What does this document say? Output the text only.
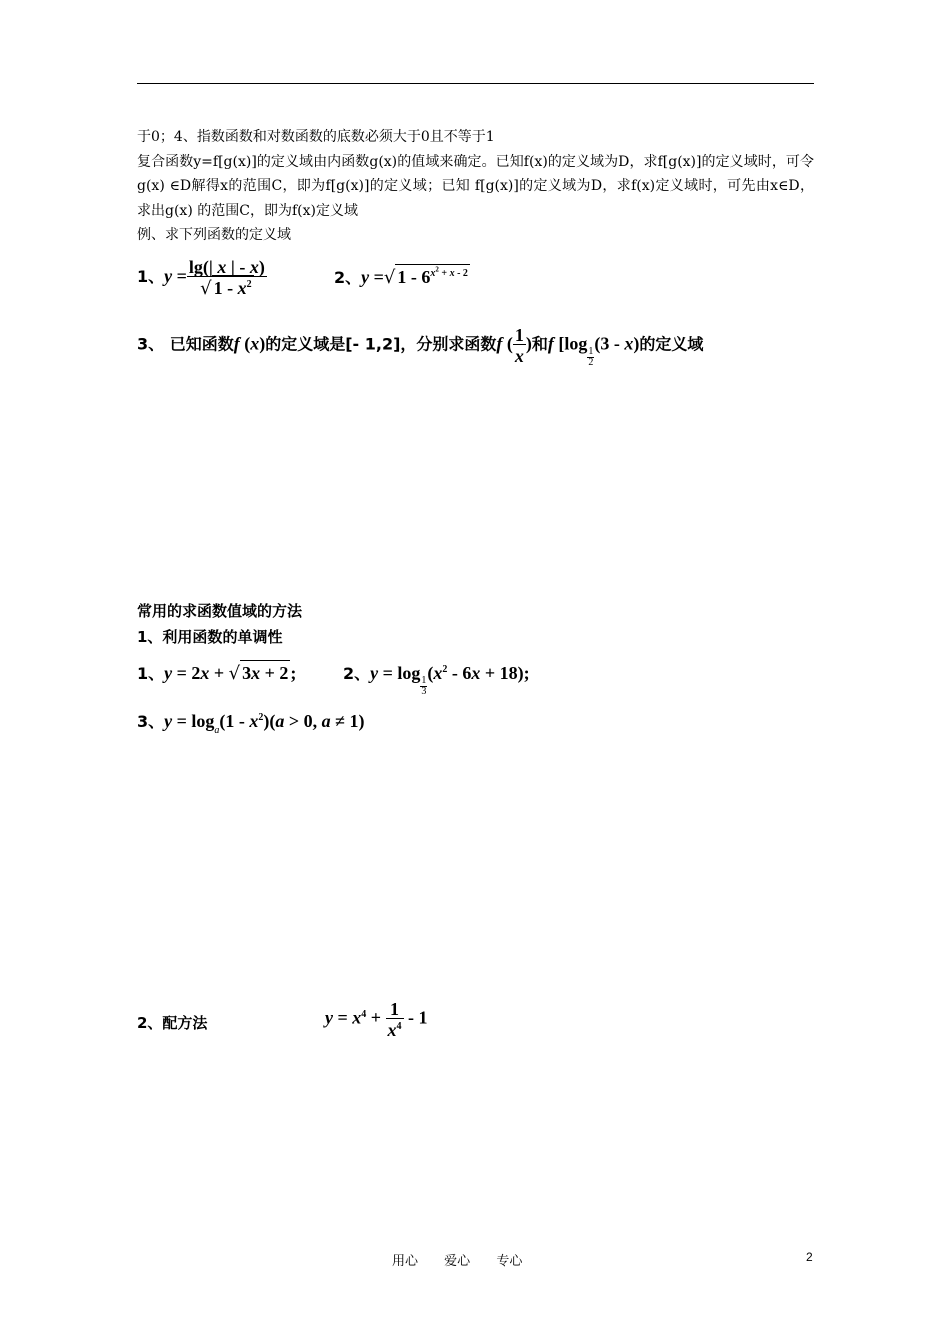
于0；4、指数函数和对数函数的底数必须大于0且不等于1

复合函数y=f[g(x)]的定义域由内函数g(x)的值域来确定。已知f(x)的定义域为D，求f[g(x)]的定义域时，可令g(x) ∈D解得x的范围C，即为f[g(x)]的定义域；已知 f[g(x)]的定义域为D，求f(x)定义域时，可先由x∈D，求出g(x) 的范围C，即为f(x)定义域

例、求下列函数的定义域

1、$y = \frac{\lg(| x | - x)}{√ 1 - x^2}$	2、y =√ $1 - 6^{x^2 + x - 2}$
3、 已知函数f (x)的定义域是[- 1,2]，分别求函数f ( $\frac{1}{x}$ )和f [log
$\frac{1}{2}$
(3 - x)的定义域
常用的求函数值域的方法
1、利用函数的单调性
1、y = 2x + √ 3x + 2 ;	2、y = log
$\frac{1}{3}$
$(x^2 - 6x + 18)$;
3、$y = \log_a(1 - x^2)(a > 0$, a ≠ 1)
2、配方法	$y = x^4 + \frac{1}{x^4} - 1$
用心 爱心 专心	2
